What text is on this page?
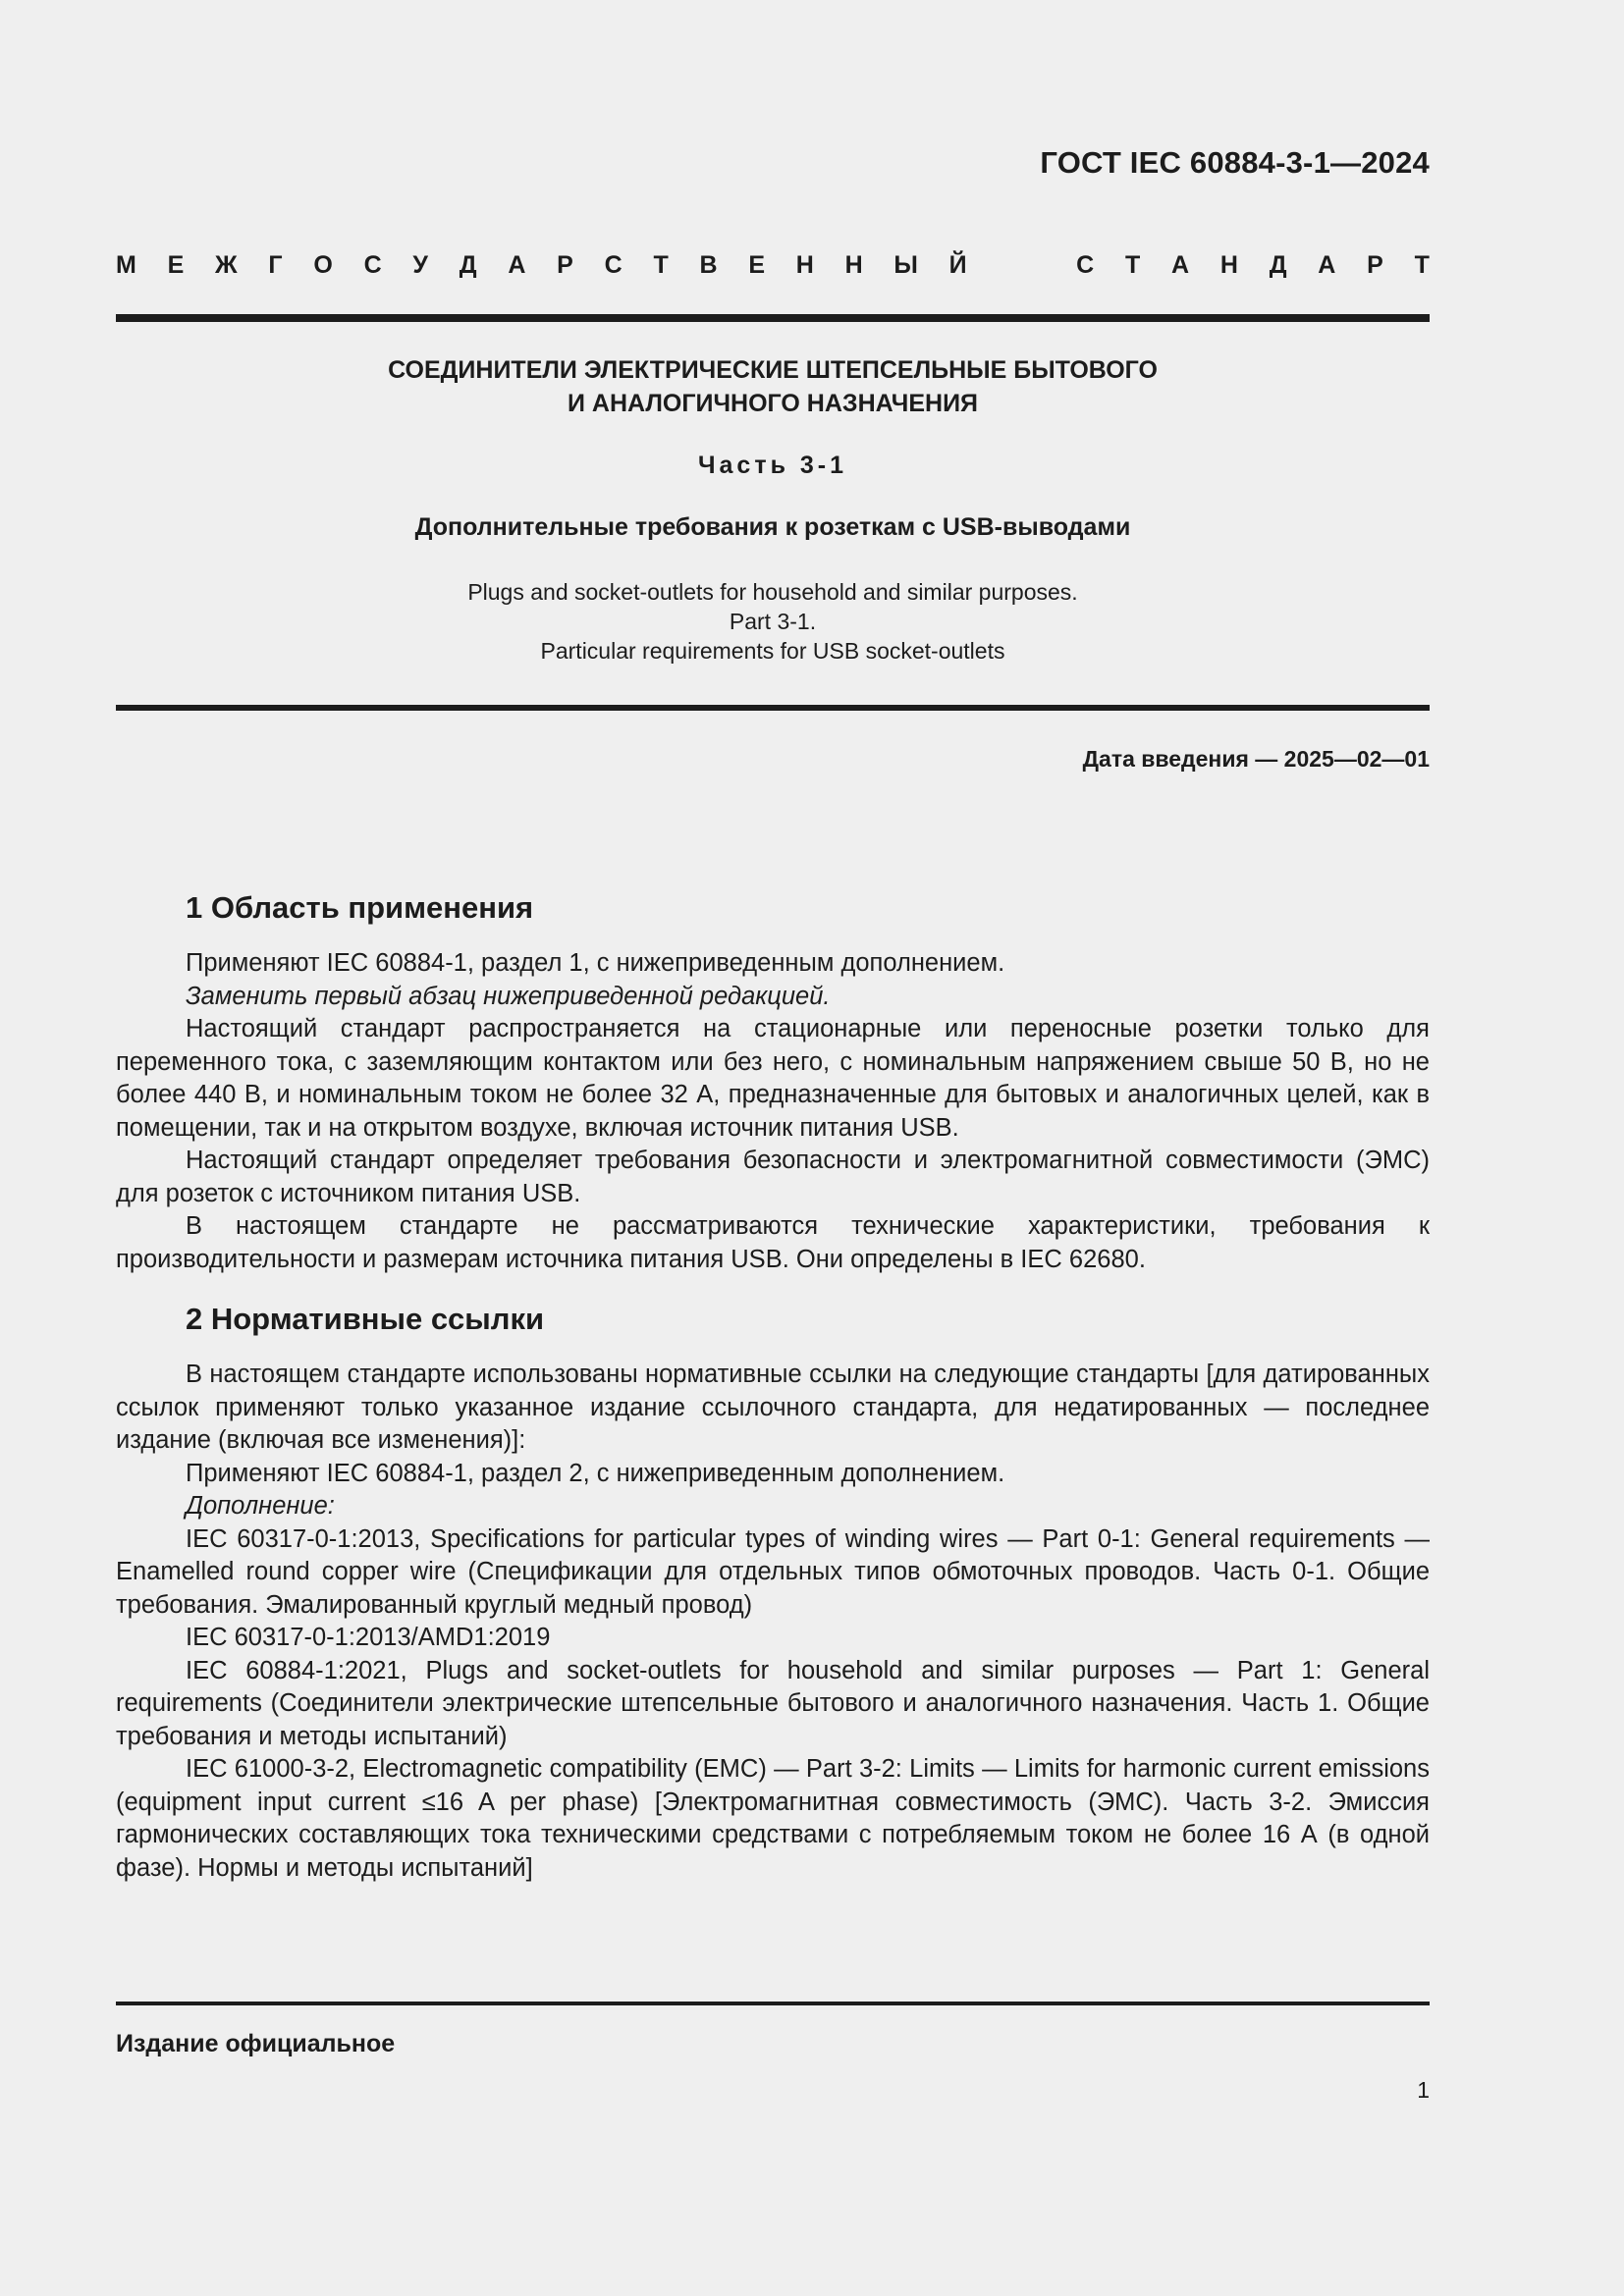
ГОСТ IEC 60884-3-1—2024
М Е Ж Г О С У Д А Р С Т В Е Н Н Ы Й	С Т А Н Д А Р Т
СОЕДИНИТЕЛИ ЭЛЕКТРИЧЕСКИЕ ШТЕПСЕЛЬНЫЕ БЫТОВОГО
И АНАЛОГИЧНОГО НАЗНАЧЕНИЯ
Часть 3-1
Дополнительные требования к розеткам с USB-выводами
Plugs and socket-outlets for household and similar purposes.
Part 3-1.
Particular requirements for USB socket-outlets
Дата введения — 2025—02—01
1 Область применения

Применяют IEC 60884-1, раздел 1, с нижеприведенным дополнением.

Заменить первый абзац нижеприведенной редакцией.

Настоящий стандарт распространяется на стационарные или переносные розетки только для переменного тока, с заземляющим контактом или без него, с номинальным напряжением свыше 50 В, но не более 440 В, и номинальным током не более 32 А, предназначенные для бытовых и аналогичных целей, как в помещении, так и на открытом воздухе, включая источник питания USB.

Настоящий стандарт определяет требования безопасности и электромагнитной совместимости (ЭМС) для розеток с источником питания USB.

В настоящем стандарте не рассматриваются технические характеристики, требования к производительности и размерам источника питания USB. Они определены в IEC 62680.

2 Нормативные ссылки

В настоящем стандарте использованы нормативные ссылки на следующие стандарты [для датированных ссылок применяют только указанное издание ссылочного стандарта, для недатированных — последнее издание (включая все изменения)]:

Применяют IEC 60884-1, раздел 2, с нижеприведенным дополнением.

Дополнение:

IEC 60317-0-1:2013, Specifications for particular types of winding wires — Part 0-1: General requirements — Enamelled round copper wire (Спецификации для отдельных типов обмоточных проводов. Часть 0-1. Общие требования. Эмалированный круглый медный провод)

IEC 60317-0-1:2013/AMD1:2019

IEC 60884-1:2021, Plugs and socket-outlets for household and similar purposes — Part 1: General requirements (Соединители электрические штепсельные бытового и аналогичного назначения. Часть 1. Общие требования и методы испытаний)

IEC 61000-3-2, Electromagnetic compatibility (EMC) — Part 3-2: Limits — Limits for harmonic current emissions (equipment input current ≤16 A per phase) [Электромагнитная совместимость (ЭМС). Часть 3-2. Эмиссия гармонических составляющих тока техническими средствами с потребляемым током не более 16 А (в одной фазе). Нормы и методы испытаний]

Издание официальное
1
